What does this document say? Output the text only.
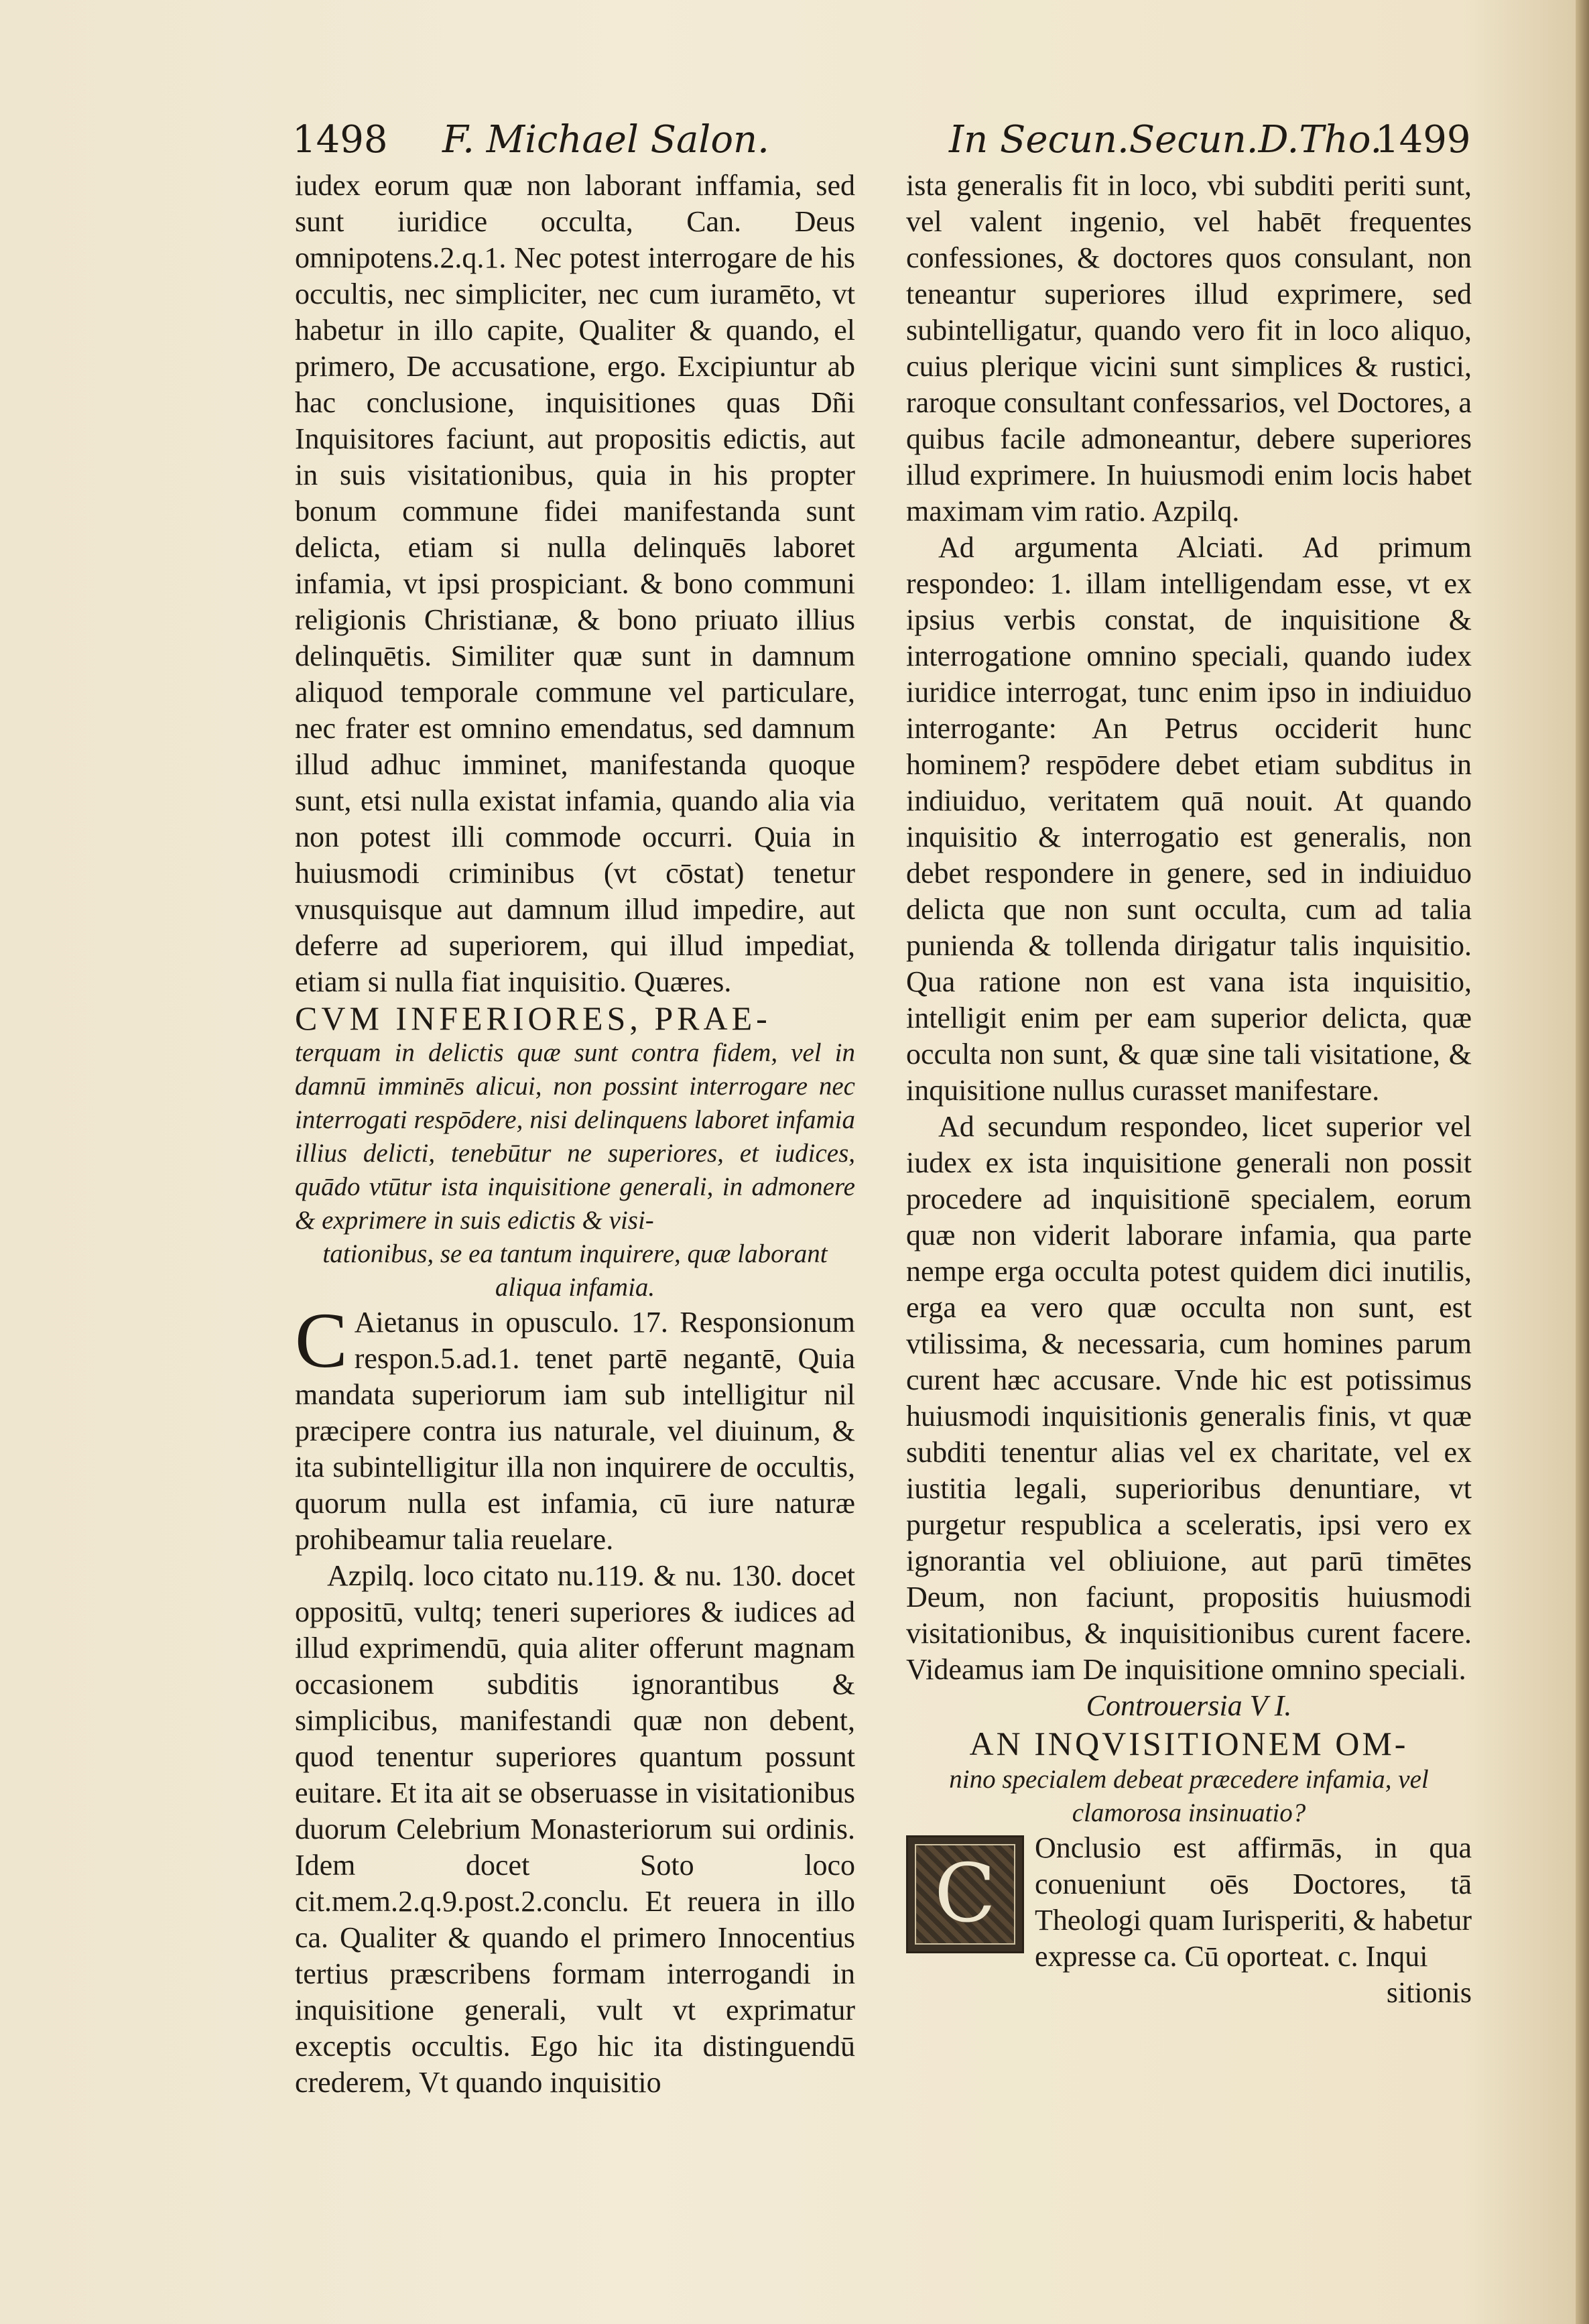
1498 F. Michael Salon.	In Secun.Secun.D.Tho.
1499

iudex eorum quæ non laborant inffamia, sed sunt iuridice occulta, Can. Deus omnipotens.2.q.1. Nec potest interrogare de his occultis, nec simpliciter, nec cum iuramēto, vt habetur in illo capite, Qualiter & quando, el primero, De accusatione, ergo. Excipiuntur ab hac conclusione, inquisitiones quas Dñi Inquisitores faciunt, aut propositis edictis, aut in suis visitationibus, quia in his propter bonum commune fidei manifestanda sunt delicta, etiam si nulla delinquēs laboret infamia, vt ipsi prospiciant. & bono communi religionis Christianæ, & bono priuato illius delinquētis. Similiter quæ sunt in damnum aliquod temporale commune vel particulare, nec frater est omnino emendatus, sed damnum illud adhuc imminet, manifestanda quoque sunt, etsi nulla existat infamia, quando alia via non potest illi commode occurri. Quia in huiusmodi criminibus (vt cōstat) tenetur vnusquisque aut damnum illud impedire, aut deferre ad superiorem, qui illud impediat, etiam si nulla fiat inquisitio. Quæres.

CVM INFERIORES, PRAE-

terquam in delictis quæ sunt contra fidem, vel in damnū imminēs alicui, non possint interrogare nec interrogati respōdere, nisi delinquens laboret infamia illius delicti, tenebūtur ne superiores, et iudices, quādo vtūtur ista inquisitione generali, in admonere & exprimere in suis edictis & visi-

tationibus, se ea tantum inquirere, quæ laborant aliqua infamia.

C Aietanus in opusculo. 17. Responsionum respon.5.ad.1. tenet partē negantē, Quia mandata superiorum iam sub intelligitur nil præcipere contra ius naturale, vel diuinum, & ita subintelligitur illa non inquirere de occultis, quorum nulla est infamia, cū iure naturæ prohibeamur talia reuelare.

Azpilq. loco citato nu.119. & nu. 130. docet oppositū, vultq; teneri superiores & iudices ad illud exprimendū, quia aliter offerunt magnam occasionem subditis ignorantibus & simplicibus, manifestandi quæ non debent, quod tenentur superiores quantum possunt euitare. Et ita ait se obseruasse in visitationibus duorum Celebrium Monasteriorum sui ordinis. Idem docet Soto loco cit.mem.2.q.9.post.2.conclu. Et reuera in illo ca. Qualiter & quando el primero Innocentius tertius præscribens formam interrogandi in inquisitione generali, vult vt exprimatur exceptis occultis. Ego hic ita distinguendū crederem, Vt quando inquisitio

ista generalis fit in loco, vbi subditi periti sunt, vel valent ingenio, vel habēt frequentes confessiones, & doctores quos consulant, non teneantur superiores illud exprimere, sed subintelligatur, quando vero fit in loco aliquo, cuius plerique vicini sunt simplices & rustici, raroque consultant confessarios, vel Doctores, a quibus facile admoneantur, debere superiores illud exprimere. In huiusmodi enim locis habet maximam vim ratio. Azpilq.

Ad argumenta Alciati. Ad primum respondeo: 1. illam intelligendam esse, vt ex ipsius verbis constat, de inquisitione & interrogatione omnino speciali, quando iudex iuridice interrogat, tunc enim ipso in indiuiduo interrogante: An Petrus occiderit hunc hominem? respōdere debet etiam subditus in indiuiduo, veritatem quā nouit. At quando inquisitio & interrogatio est generalis, non debet respondere in genere, sed in indiuiduo delicta que non sunt occulta, cum ad talia punienda & tollenda dirigatur talis inquisitio. Qua ratione non est vana ista inquisitio, intelligit enim per eam superior delicta, quæ occulta non sunt, & quæ sine tali visitatione, & inquisitione nullus curasset manifestare.

Ad secundum respondeo, licet superior vel iudex ex ista inquisitione generali non possit procedere ad inquisitionē specialem, eorum quæ non viderit laborare infamia, qua parte nempe erga occulta potest quidem dici inutilis, erga ea vero quæ occulta non sunt, est vtilissima, & necessaria, cum homines parum curent hæc accusare. Vnde hic est potissimus huiusmodi inquisitionis generalis finis, vt quæ subditi tenentur alias vel ex charitate, vel ex iustitia legali, superioribus denuntiare, vt purgetur respublica a sceleratis, ipsi vero ex ignorantia vel obliuione, aut parū timētes Deum, non faciunt, propositis huiusmodi visitationibus, & inquisitionibus curent facere. Videamus iam De inquisitione omnino speciali.

Controuersia V I.

AN INQVISITIONEM OM-

nino specialem debeat præcedere infamia, vel clamorosa insinuatio?

C	Onclusio est affirmās, in qua conueniunt oēs Doctores, tā Theologi quam Iurisperiti, & habetur expresse ca. Cū oporteat. c. Inqui

sitionis
